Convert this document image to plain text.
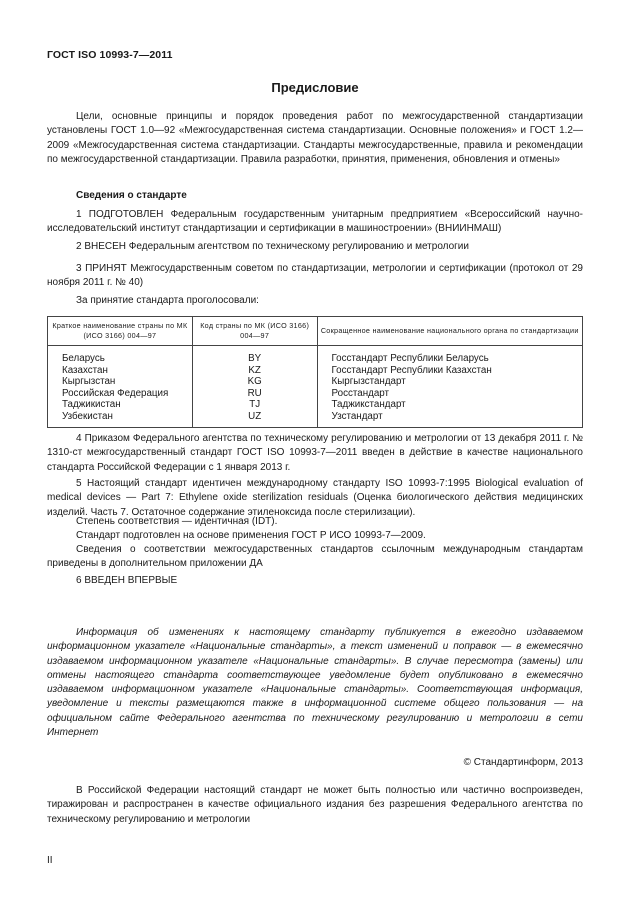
ГОСТ ISO 10993-7—2011
Предисловие

Цели, основные принципы и порядок проведения работ по межгосударственной стандартизации установлены ГОСТ 1.0—92 «Межгосударственная система стандартизации. Основные положения» и ГОСТ 1.2—2009 «Межгосударственная система стандартизации. Стандарты межгосударственные, правила и рекомендации по межгосударственной стандартизации. Правила разработки, принятия, применения, обновления и отмены»

Сведения о стандарте

1 ПОДГОТОВЛЕН Федеральным государственным унитарным предприятием «Всероссийский научно-исследовательский институт стандартизации и сертификации в машиностроении» (ВНИИНМАШ)

2 ВНЕСЕН Федеральным агентством по техническому регулированию и метрологии

3 ПРИНЯТ Межгосударственным советом по стандартизации, метрологии и сертификации (протокол от 29 ноября 2011 г. № 40)

За принятие стандарта проголосовали:

Краткое наименование страны по МК (ИСО 3166) 004—97	Код страны по МК (ИСО 3166) 004—97	Сокращенное наименование национального органа по стандартизации
Беларусь	BY	Госстандарт Республики Беларусь
Казахстан	KZ	Госстандарт Республики Казахстан
Кыргызстан	KG	Кыргызстандарт
Российская Федерация	RU	Росстандарт
Таджикистан	TJ	Таджикстандарт
Узбекистан	UZ	Узстандарт

4 Приказом Федерального агентства по техническому регулированию и метрологии от 13 декабря 2011 г. № 1310-ст межгосударственный стандарт ГОСТ ISO 10993-7—2011 введен в действие в качестве национального стандарта Российской Федерации с 1 января 2013 г.

5 Настоящий стандарт идентичен международному стандарту ISO 10993-7:1995 Biological evaluation of medical devices — Part 7: Ethylene oxide sterilization residuals (Оценка биологического действия медицинских изделий. Часть 7. Остаточное содержание этиленоксида после стерилизации).

Степень соответствия — идентичная (IDT).

Стандарт подготовлен на основе применения ГОСТ Р ИСО 10993-7—2009.

Сведения о соответствии межгосударственных стандартов ссылочным международным стандартам приведены в дополнительном приложении ДА

6 ВВЕДЕН ВПЕРВЫЕ

Информация об изменениях к настоящему стандарту публикуется в ежегодно издаваемом информационном указателе «Национальные стандарты», а текст изменений и поправок — в ежемесячно издаваемом информационном указателе «Национальные стандарты». В случае пересмотра (замены) или отмены настоящего стандарта соответствующее уведомление будет опубликовано в ежемесячно издаваемом информационном указателе «Национальные стандарты». Соответствующая информация, уведомление и тексты размещаются также в информационной системе общего пользования — на официальном сайте Федерального агентства по техническому регулированию и метрологии в сети Интернет

© Стандартинформ, 2013

В Российской Федерации настоящий стандарт не может быть полностью или частично воспроизведен, тиражирован и распространен в качестве официального издания без разрешения Федерального агентства по техническому регулированию и метрологии

II
